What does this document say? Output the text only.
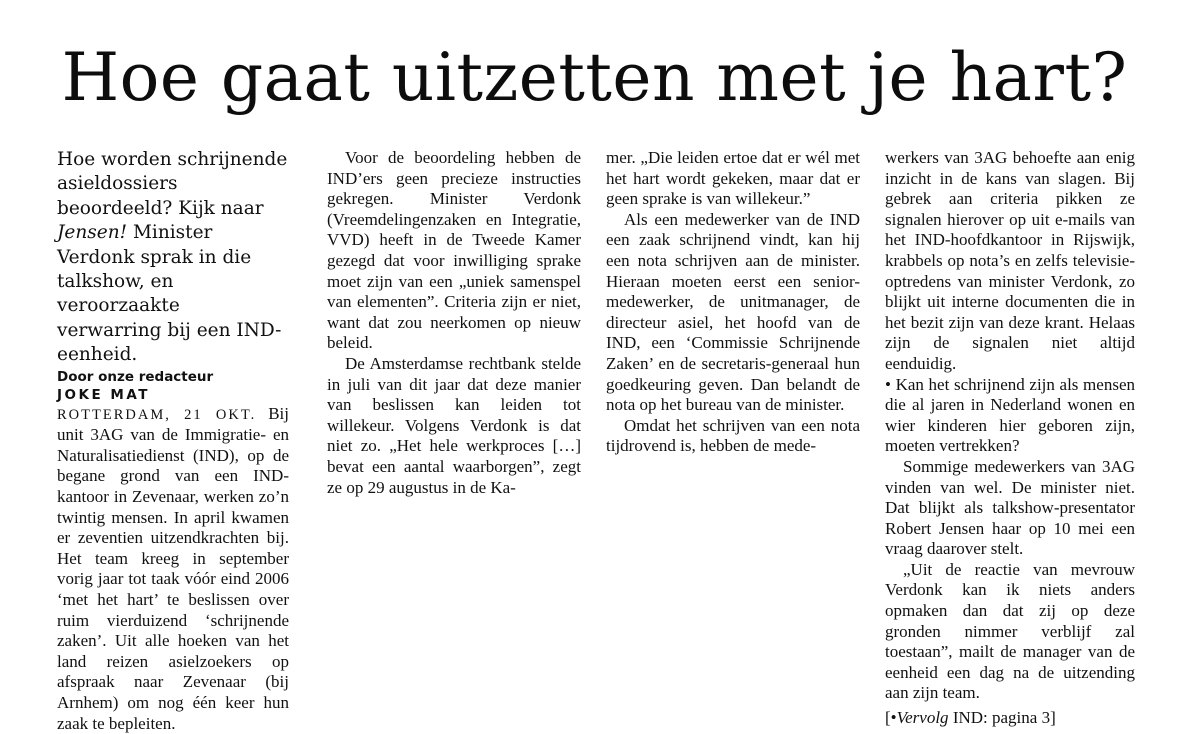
Hoe gaat uitzetten met je hart?

Hoe worden schrijnende asieldossiers beoordeeld? Kijk naar Jensen! Minister Verdonk sprak in die talkshow, en veroorzaakte verwarring bij een IND-eenheid.

Door onze redacteur
JOKE MAT

ROTTERDAM, 21 OKT. Bij unit 3AG van de Immigratie- en Naturalisatiedienst (IND), op de begane grond van een IND-kantoor in Zevenaar, werken zo’n twintig mensen. In april kwamen er zeventien uitzendkrachten bij. Het team kreeg in september vorig jaar tot taak vóór eind 2006 ‘met het hart’ te beslissen over ruim vierduizend ‘schrijnende zaken’. Uit alle hoeken van het land reizen asielzoekers op afspraak naar Zevenaar (bij Arnhem) om nog één keer hun zaak te bepleiten.

Voor de beoordeling hebben de IND’ers geen precieze instructies gekregen. Minister Verdonk (Vreemdelingenzaken en Integratie, VVD) heeft in de Tweede Kamer gezegd dat voor inwilliging sprake moet zijn van een „uniek samenspel van elementen”. Criteria zijn er niet, want dat zou neerkomen op nieuw beleid.

De Amsterdamse rechtbank stelde in juli van dit jaar dat deze manier van beslissen kan leiden tot willekeur. Volgens Verdonk is dat niet zo. „Het hele werkproces […] bevat een aantal waarborgen”, zegt ze op 29 augustus in de Ka-

mer. „Die leiden ertoe dat er wél met het hart wordt gekeken, maar dat er geen sprake is van willekeur.”

Als een medewerker van de IND een zaak schrijnend vindt, kan hij een nota schrijven aan de minister. Hieraan moeten eerst een senior-medewerker, de unitmanager, de directeur asiel, het hoofd van de IND, een ‘Commissie Schrijnende Zaken’ en de secretaris-generaal hun goedkeuring geven. Dan belandt de nota op het bureau van de minister.

Omdat het schrijven van een nota tijdrovend is, hebben de mede-

werkers van 3AG behoefte aan enig inzicht in de kans van slagen. Bij gebrek aan criteria pikken ze signalen hierover op uit e-mails van het IND-hoofdkantoor in Rijswijk, krabbels op nota’s en zelfs televisie-optredens van minister Verdonk, zo blijkt uit interne documenten die in het bezit zijn van deze krant. Helaas zijn de signalen niet altijd eenduidig.

• Kan het schrijnend zijn als mensen die al jaren in Nederland wonen en wier kinderen hier geboren zijn, moeten vertrekken?

Sommige medewerkers van 3AG vinden van wel. De minister niet. Dat blijkt als talkshow-presentator Robert Jensen haar op 10 mei een vraag daarover stelt.

„Uit de reactie van mevrouw Verdonk kan ik niets anders opmaken dan dat zij op deze gronden nimmer verblijf zal toestaan”, mailt de manager van de eenheid een dag na de uitzending aan zijn team.

[•Vervolg IND: pagina 3]
